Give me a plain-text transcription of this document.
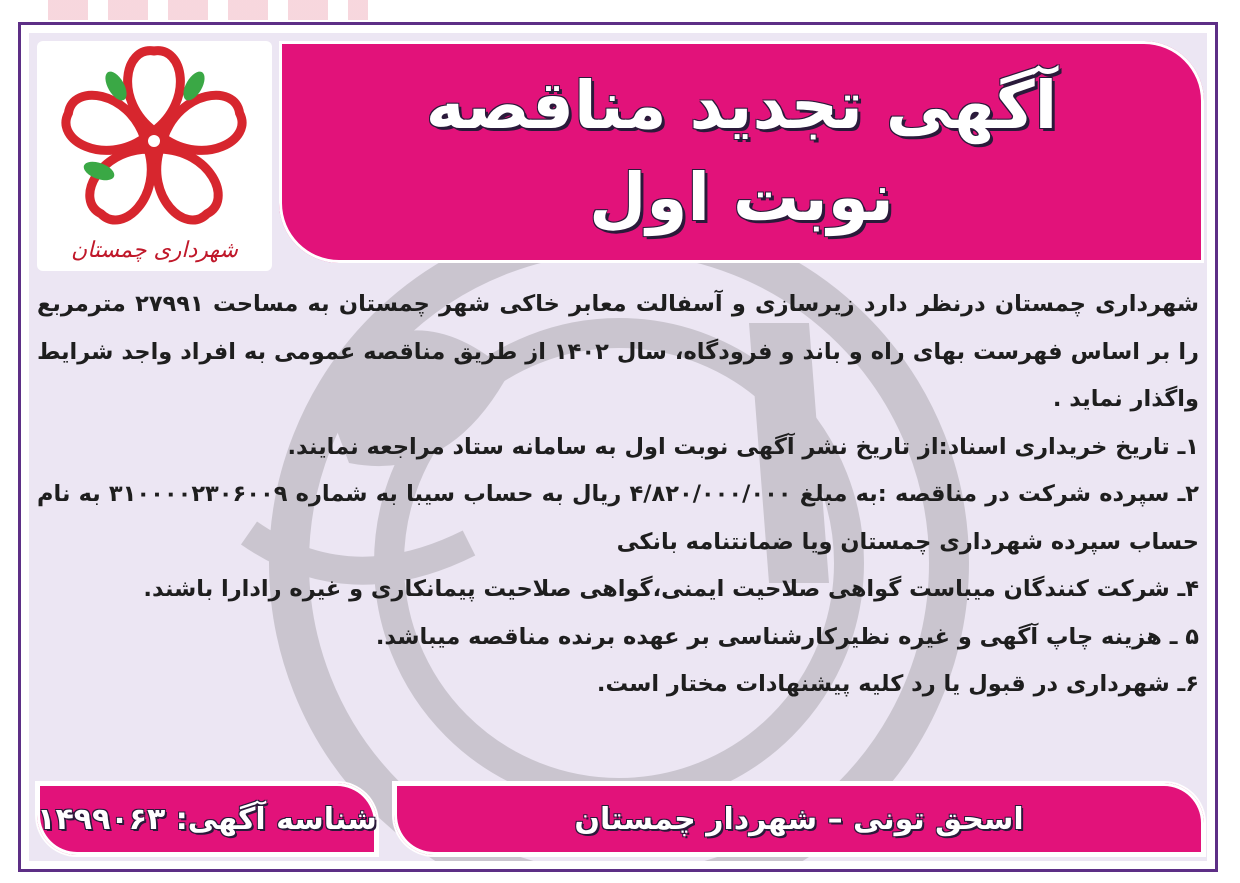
شهرداری چمستان
آگهی تجدید مناقصه
نوبت اول

شهرداری چمستان درنظر دارد زیرسازی و آسفالت معابر خاکی شهر چمستان به مساحت ۲۷۹۹۱ مترمربع را بر اساس فهرست بهای راه و باند و فرودگاه، سال ۱۴۰۲ از طریق مناقصه عمومی به افراد واجد شرایط واگذار نماید .

۱ـ تاریخ خریداری اسناد:از تاریخ نشر آگهی نوبت اول به سامانه ستاد مراجعه نمایند.

۲ـ سپرده شرکت در مناقصه :به مبلغ ۴/۸۲۰/۰۰۰/۰۰۰ ریال به حساب سیبا به شماره ۳۱۰۰۰۰۲۳۰۶۰۰۹ به نام حساب سپرده شهرداری چمستان ویا ضمانتنامه بانکی

۴ـ شرکت کنندگان میباست گواهی صلاحیت ایمنی،گواهی صلاحیت پیمانکاری و غیره رادارا باشند.

۵ ـ هزینه چاپ آگهی و غیره نظیرکارشناسی بر عهده برنده مناقصه میباشد.

۶ـ شهرداری در قبول یا رد کلیه پیشنهادات مختار است.

شناسه آگهی: ۱۴۹۹۰۶۳	اسحق تونی – شهردار چمستان
